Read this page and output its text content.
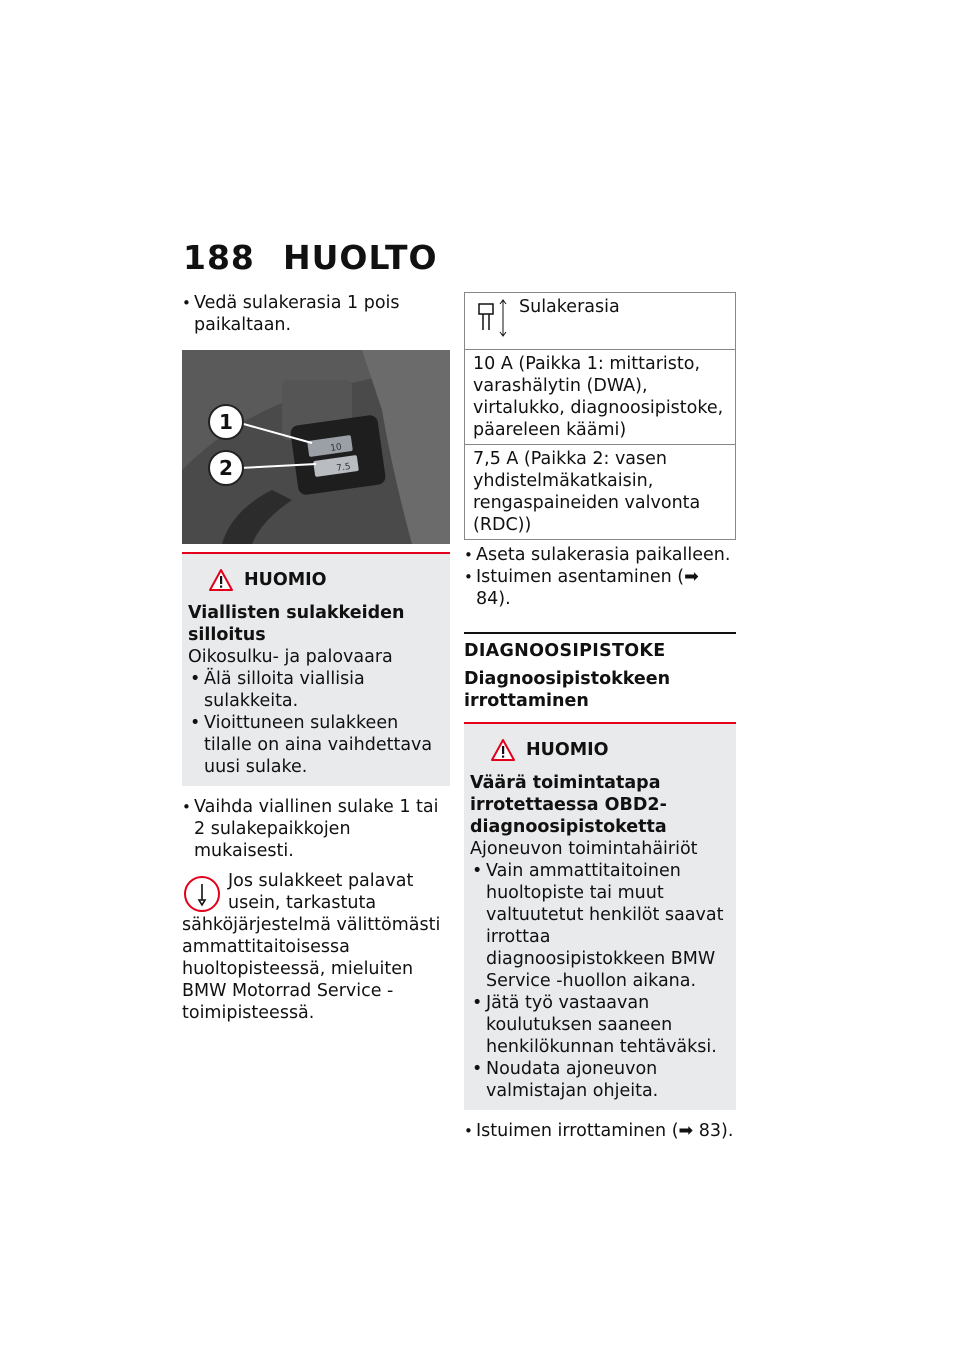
188 HUOLTO

• Vedä sulakerasia 1 pois paikaltaan.

10
7.5
1
2
HUOMIO
Viallisten sulakkeiden silloitus
Oikosulku- ja palovaara
• Älä silloita viallisia sulakkeita.
• Vioittuneen sulakkeen tilalle on aina vaihdettava uusi sulake.

• Vaihda viallinen sulake 1 tai 2 sulakepaikkojen mukaisesti.

Jos sulakkeet palavat usein, tarkastuta sähköjärjestelmä välittömästi ammattitaitoisessa huoltopisteessä, mieluiten BMW Motorrad Service -toimipisteessä.
Sulakerasia
10 A (Paikka 1: mittaristo, varashälytin (DWA), virtalukko, diagnoosipistoke, päareleen käämi)
7,5 A (Paikka 2: vasen yhdistelmäkatkaisin, rengaspaineiden valvonta (RDC))

• Aseta sulakerasia paikalleen.

• Istuimen asentaminen (➡ 84).

DIAGNOOSIPISTOKE
Diagnoosipistokkeen irrottaminen
HUOMIO
Väärä toimintatapa irrotettaessa OBD2-diagnoosipistoketta
Ajoneuvon toimintahäiriöt
• Vain ammattitaitoinen huoltopiste tai muut valtuutetut henkilöt saavat irrottaa diagnoosipistokkeen BMW Service -huollon aikana.
• Jätä työ vastaavan koulutuksen saaneen henkilökunnan tehtäväksi.
• Noudata ajoneuvon valmistajan ohjeita.

• Istuimen irrottaminen (➡ 83).
